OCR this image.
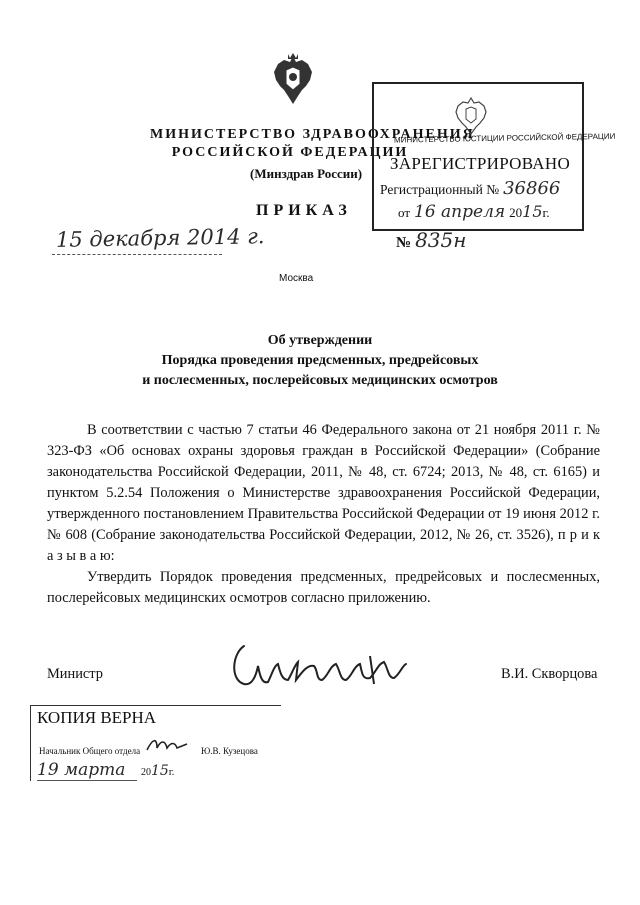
МИНИСТЕРСТВО ЗДРАВООХРАНЕНИЯ
РОССИЙСКОЙ ФЕДЕРАЦИИ
(Минздрав России)
МИНИСТЕРСТВО ЮСТИЦИИ РОССИЙСКОЙ ФЕДЕРАЦИИ
ЗАРЕГИСТРИРОВАНО
Регистрационный № 36866
от 16 апреля 2015г.
ПРИКАЗ
15 декабря 2014 г.	№ 835н
Москва
Об утверждении
Порядка проведения предсменных, предрейсовых
и послесменных, послерейсовых медицинских осмотров
В соответствии с частью 7 статьи 46 Федерального закона от 21 ноября 2011 г. № 323-ФЗ «Об основах охраны здоровья граждан в Российской Федерации» (Собрание законодательства Российской Федерации, 2011, № 48, ст. 6724; 2013, № 48, ст. 6165) и пунктом 5.2.54 Положения о Министерстве здравоохранения Российской Федерации, утвержденного постановлением Правительства Российской Федерации от 19 июня 2012 г. № 608 (Собрание законодательства Российской Федерации, 2012, № 26, ст. 3526), п р и к а з ы в а ю:
Утвердить Порядок проведения предсменных, предрейсовых и послесменных, послерейсовых медицинских осмотров согласно приложению.
Министр	В.И. Скворцова
КОПИЯ ВЕРНА
Начальник Общего отдела	Ю.В. Кузецова
19 марта 2015г.
